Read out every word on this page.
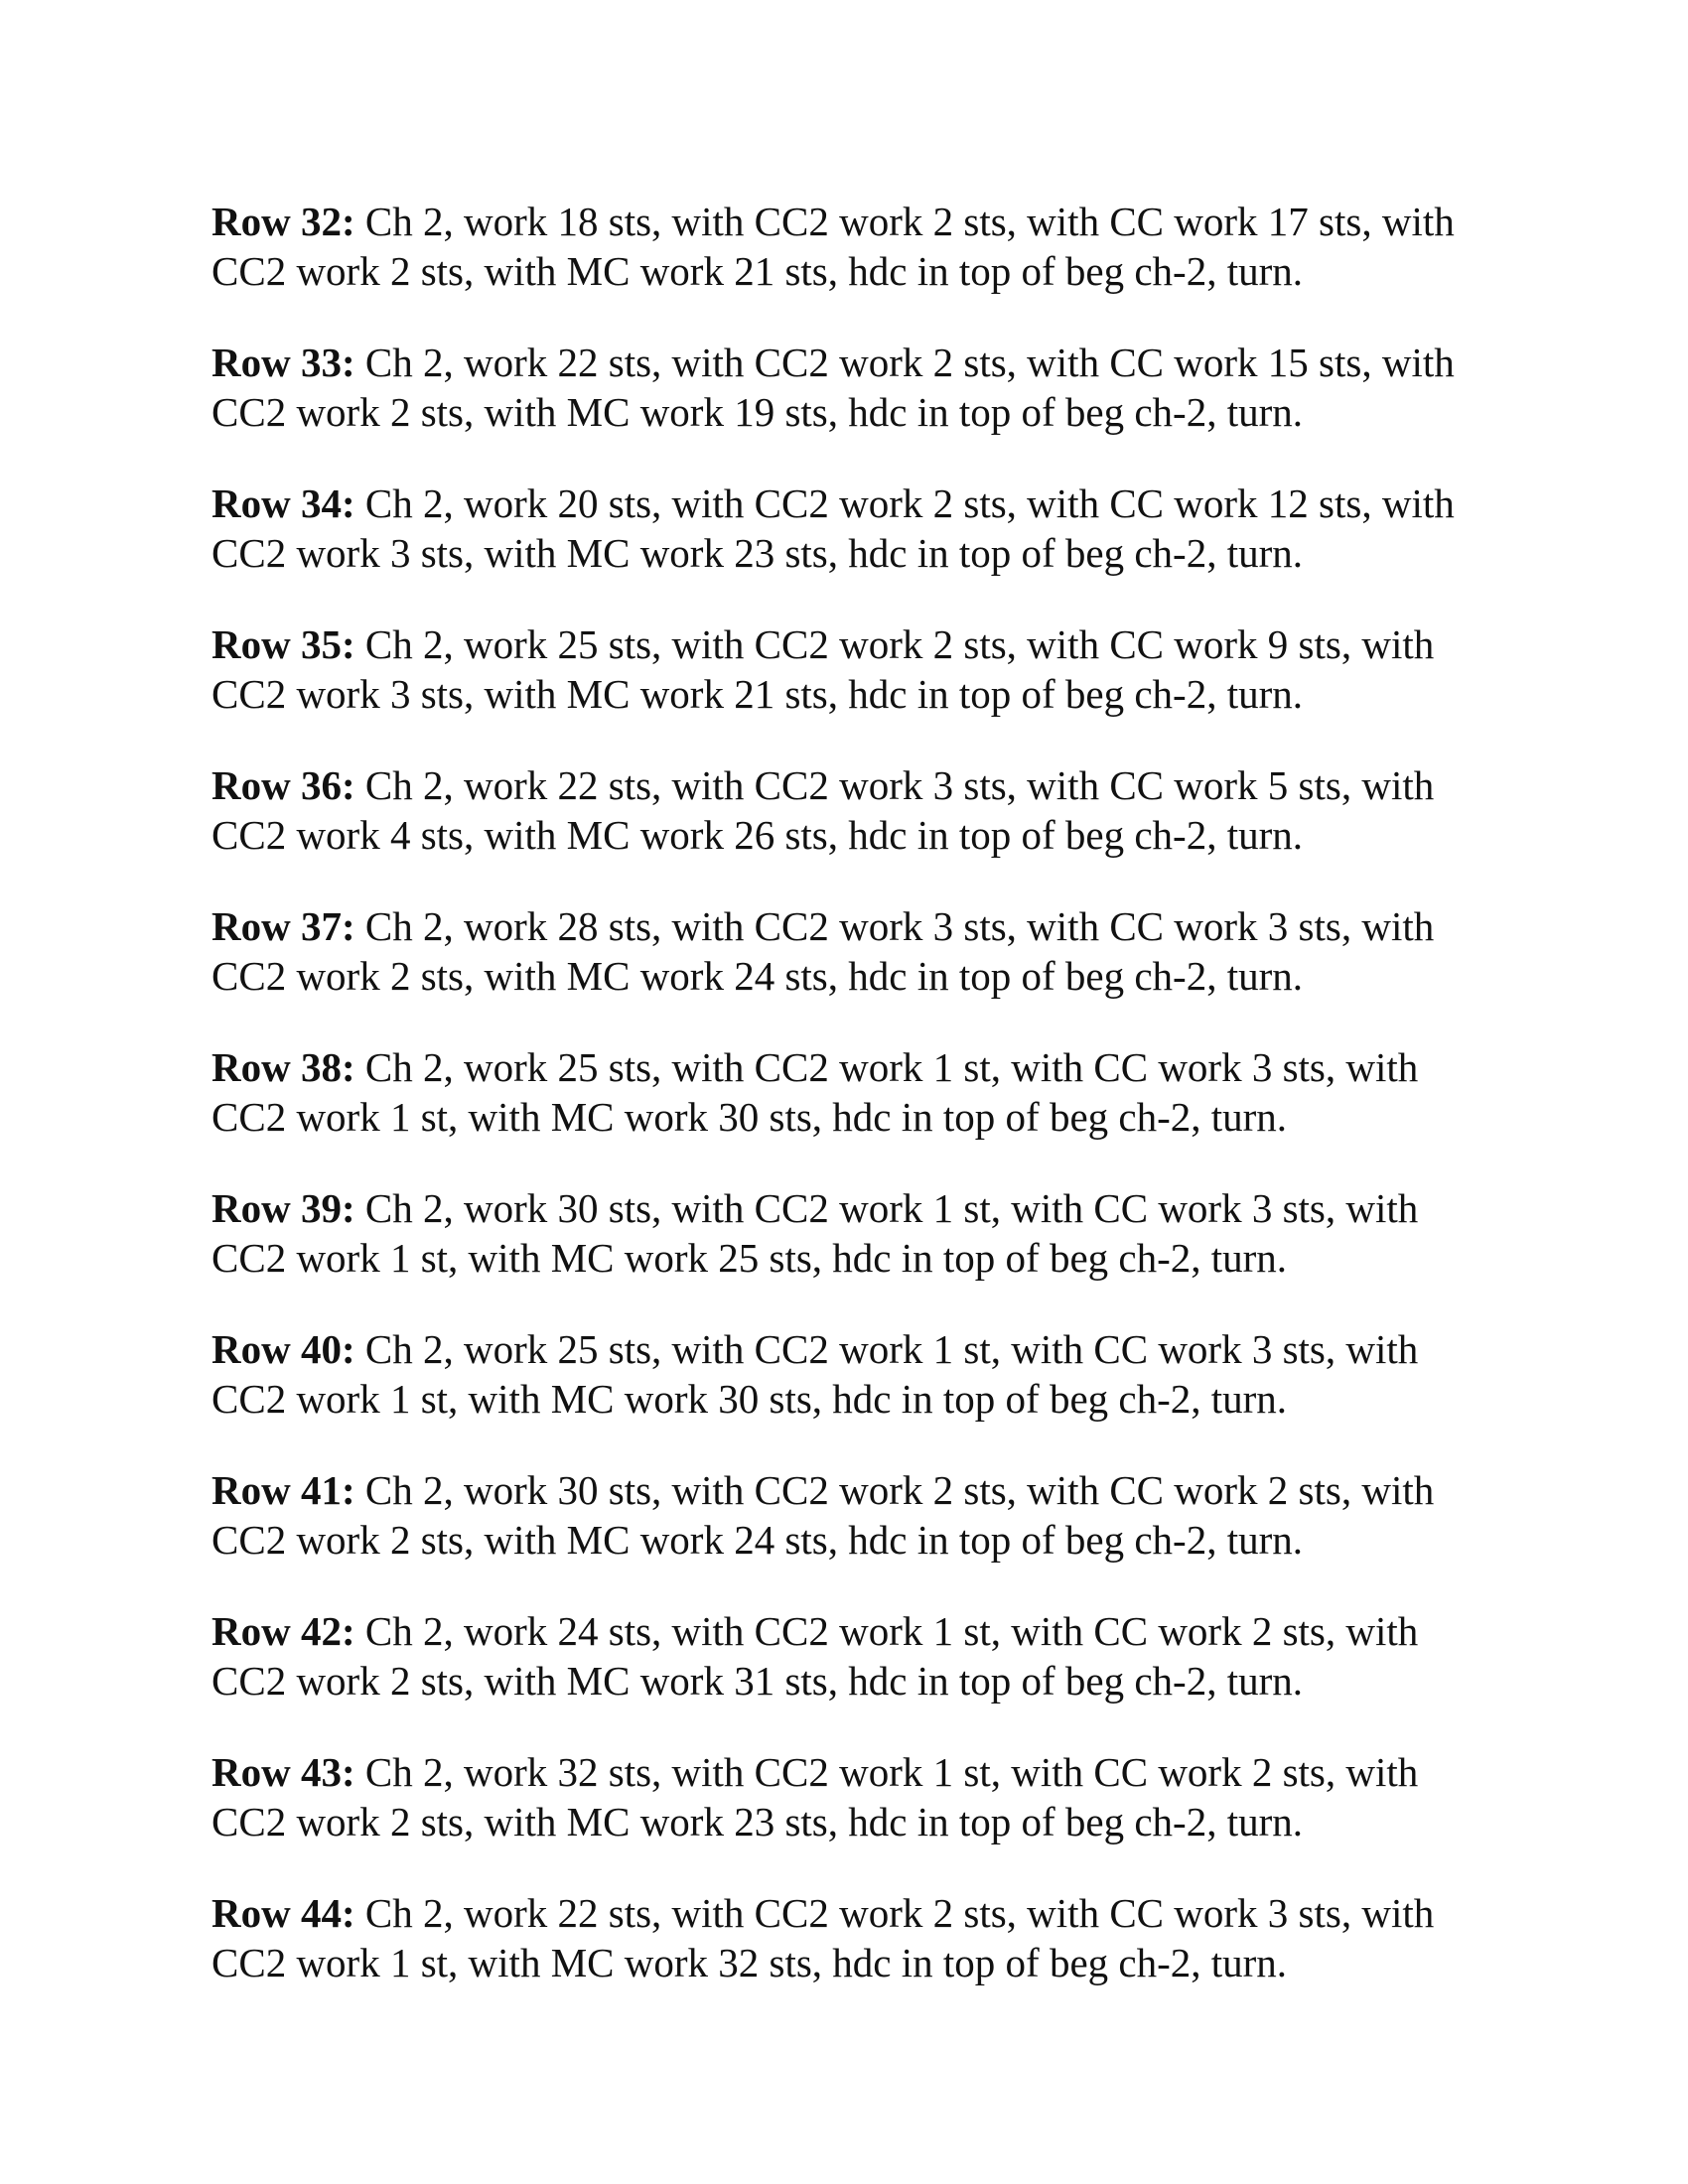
Row 32: Ch 2, work 18 sts, with CC2 work 2 sts, with CC work 17 sts, with
CC2 work 2 sts, with MC work 21 sts, hdc in top of beg ch-2, turn.
Row 33: Ch 2, work 22 sts, with CC2 work 2 sts, with CC work 15 sts, with
CC2 work 2 sts, with MC work 19 sts, hdc in top of beg ch-2, turn.
Row 34: Ch 2, work 20 sts, with CC2 work 2 sts, with CC work 12 sts, with
CC2 work 3 sts, with MC work 23 sts, hdc in top of beg ch-2, turn.
Row 35: Ch 2, work 25 sts, with CC2 work 2 sts, with CC work 9 sts, with
CC2 work 3 sts, with MC work 21 sts, hdc in top of beg ch-2, turn.
Row 36: Ch 2, work 22 sts, with CC2 work 3 sts, with CC work 5 sts, with
CC2 work 4 sts, with MC work 26 sts, hdc in top of beg ch-2, turn.
Row 37: Ch 2, work 28 sts, with CC2 work 3 sts, with CC work 3 sts, with
CC2 work 2 sts, with MC work 24 sts, hdc in top of beg ch-2, turn.
Row 38: Ch 2, work 25 sts, with CC2 work 1 st, with CC work 3 sts, with
CC2 work 1 st, with MC work 30 sts, hdc in top of beg ch-2, turn.
Row 39: Ch 2, work 30 sts, with CC2 work 1 st, with CC work 3 sts, with
CC2 work 1 st, with MC work 25 sts, hdc in top of beg ch-2, turn.
Row 40: Ch 2, work 25 sts, with CC2 work 1 st, with CC work 3 sts, with
CC2 work 1 st, with MC work 30 sts, hdc in top of beg ch-2, turn.
Row 41: Ch 2, work 30 sts, with CC2 work 2 sts, with CC work 2 sts, with
CC2 work 2 sts, with MC work 24 sts, hdc in top of beg ch-2, turn.
Row 42: Ch 2, work 24 sts, with CC2 work 1 st, with CC work 2 sts, with
CC2 work 2 sts, with MC work 31 sts, hdc in top of beg ch-2, turn.
Row 43: Ch 2, work 32 sts, with CC2 work 1 st, with CC work 2 sts, with
CC2 work 2 sts, with MC work 23 sts, hdc in top of beg ch-2, turn.
Row 44: Ch 2, work 22 sts, with CC2 work 2 sts, with CC work 3 sts, with
CC2 work 1 st, with MC work 32 sts, hdc in top of beg ch-2, turn.
